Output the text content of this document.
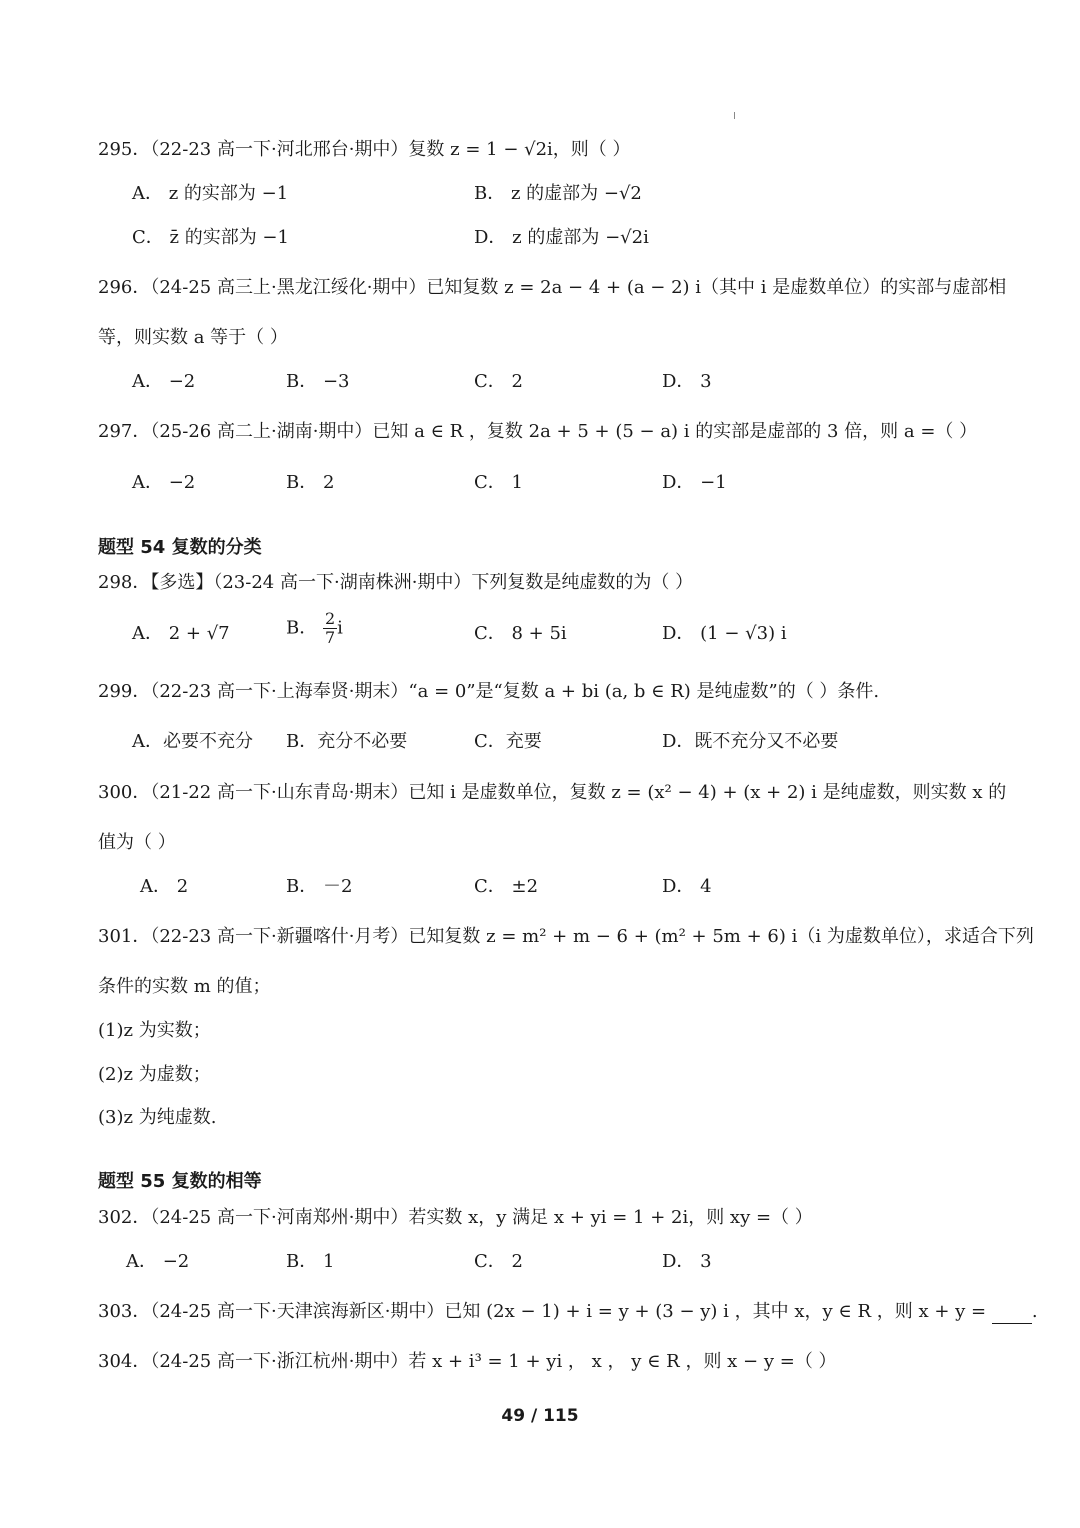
295．（22-23 高一下·河北邢台·期中）复数 z = 1 − √2i，则（ ）
A． z 的实部为 −1	B． z 的虚部为 −√2
C． z̄ 的实部为 −1	D． z 的虚部为 −√2i
296．（24-25 高三上·黑龙江绥化·期中）已知复数 z = 2a − 4 + (a − 2) i（其中 i 是虚数单位）的实部与虚部相
等，则实数 a 等于（ ）
A． −2	B． −3	C． 2	D． 3
297．（25-26 高二上·湖南·期中）已知 a ∈ R ，复数 2a + 5 + (5 − a) i 的实部是虚部的 3 倍，则 a =（ ）
A． −2	B． 2	C． 1	D． −1
题型 54 复数的分类
298．【多选】（23-24 高一下·湖南株洲·期中）下列复数是纯虚数的为（ ）
A． 2 + √7	B． $\frac{2}{7}$ i	C． 8 + 5i	D． (1 − √3) i
299．（22-23 高一下·上海奉贤·期末）“a = 0”是“复数 a + bi (a, b ∈ R) 是纯虚数”的（ ）条件.
A．必要不充分 B．充分不必要	C．充要	D．既不充分又不必要
300．（21-22 高一下·山东青岛·期末）已知 i 是虚数单位，复数 z = (x² − 4) + (x + 2) i 是纯虚数，则实数 x 的
值为（ ）
A． 2	B． －2	C． ±2	D． 4
301．（22-23 高一下·新疆喀什·月考）已知复数 z = m² + m − 6 + (m² + 5m + 6) i（i 为虚数单位），求适合下列
条件的实数 m 的值；
(1)z 为实数；
(2)z 为虚数；
(3)z 为纯虚数.
题型 55 复数的相等
302．（24-25 高一下·河南郑州·期中）若实数 x，y 满足 x + yi = 1 + 2i，则 xy =（ ）
A． −2	B． 1	C． 2	D． 3
303．（24-25 高一下·天津滨海新区·期中）已知 (2x − 1) + i = y + (3 − y) i ，其中 x，y ∈ R ，则 x + y =	.
304．（24-25 高一下·浙江杭州·期中）若 x + i³ = 1 + yi ， x ， y ∈ R ，则 x − y =（ ）
49 / 115
